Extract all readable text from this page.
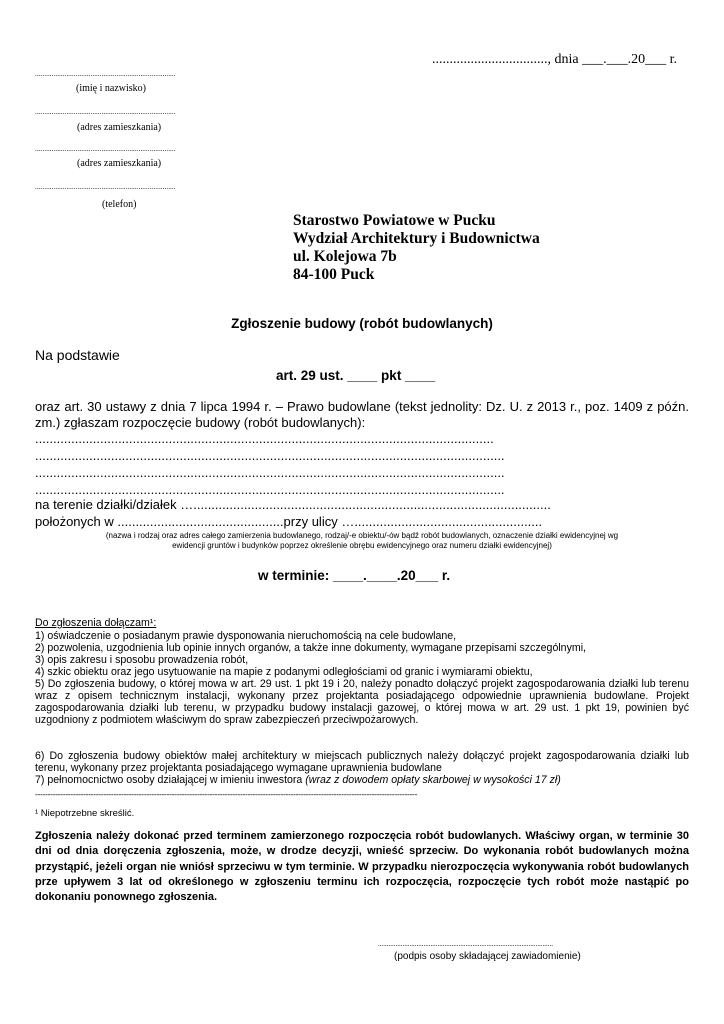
................................., dnia ___.___.20___ r.
............................................................................
(imię i nazwisko)
............................................................................
(adres zamieszkania)
............................................................................
(adres zamieszkania)
............................................................................
(telefon)
Starostwo Powiatowe w Pucku
Wydział Architektury i Budownictwa
ul. Kolejowa 7b
84-100 Puck
Zgłoszenie budowy (robót budowlanych)
Na podstawie
art. 29 ust. ____ pkt ____
oraz art. 30 ustawy z dnia 7 lipca 1994 r. – Prawo budowlane (tekst jednolity: Dz. U. z 2013 r., poz. 1409 z późn. zm.) zgłaszam rozpoczęcie budowy (robót budowlanych):
...............................................................................................................................
..................................................................................................................................
..................................................................................................................................
..................................................................................................................................
na terenie działki/działek …...................................................................................................
położonych w ..............................................przy ulicy …....................................................
(nazwa i rodzaj oraz adres całego zamierzenia budowlanego, rodzaj/-e obiektu/-ów bądź robót budowlanych, oznaczenie działki ewidencyjnej wg
ewidencji gruntów i budynków poprzez określenie obrębu ewidencyjnego oraz numeru działki ewidencyjnej)
w terminie: ____.____.20___ r.
Do zgłoszenia dołączam¹:
1) oświadczenie o posiadanym prawie dysponowania nieruchomością na cele budowlane,
2) pozwolenia, uzgodnienia lub opinie innych organów, a także inne dokumenty, wymagane przepisami szczególnymi,
3) opis zakresu i sposobu prowadzenia robót,
4) szkic obiektu oraz jego usytuowanie na mapie z podanymi odległościami od granic i wymiarami obiektu,
5) Do zgłoszenia budowy, o której mowa w art. 29 ust. 1 pkt 19 i 20, należy ponadto dołączyć projekt zagospodarowania działki lub terenu wraz z opisem technicznym instalacji, wykonany przez projektanta posiadającego odpowiednie uprawnienia budowlane. Projekt zagospodarowania działki lub terenu, w przypadku budowy instalacji gazowej, o której mowa w art. 29 ust. 1 pkt 19, powinien być uzgodniony z podmiotem właściwym do spraw zabezpieczeń przeciwpożarowych.
6) Do zgłoszenia budowy obiektów małej architektury w miejscach publicznych należy dołączyć projekt zagospodarowania działki lub terenu, wykonany przez projektanta posiadającego wymagane uprawnienia budowlane
7) pełnomocnictwo osoby działającej w imieniu inwestora (wraz z dowodem opłaty skarbowej w wysokości 17 zł)
-------------------------------------------------------------------------------------------------------------------------------------------------------
¹ Niepotrzebne skreślić.
Zgłoszenia należy dokonać przed terminem zamierzonego rozpoczęcia robót budowlanych. Właściwy organ, w terminie 30 dni od dnia doręczenia zgłoszenia, może, w drodze decyzji, wnieść sprzeciw. Do wykonania robót budowlanych można przystąpić, jeżeli organ nie wniósł sprzeciwu w tym terminie. W przypadku nierozpoczęcia wykonywania robót budowlanych prze upływem 3 lat od określonego w zgłoszeniu terminu ich rozpoczęcia, rozpoczęcie tych robót może nastąpić po dokonaniu ponownego zgłoszenia.
....................................................................................................
(podpis osoby składającej zawiadomienie)
